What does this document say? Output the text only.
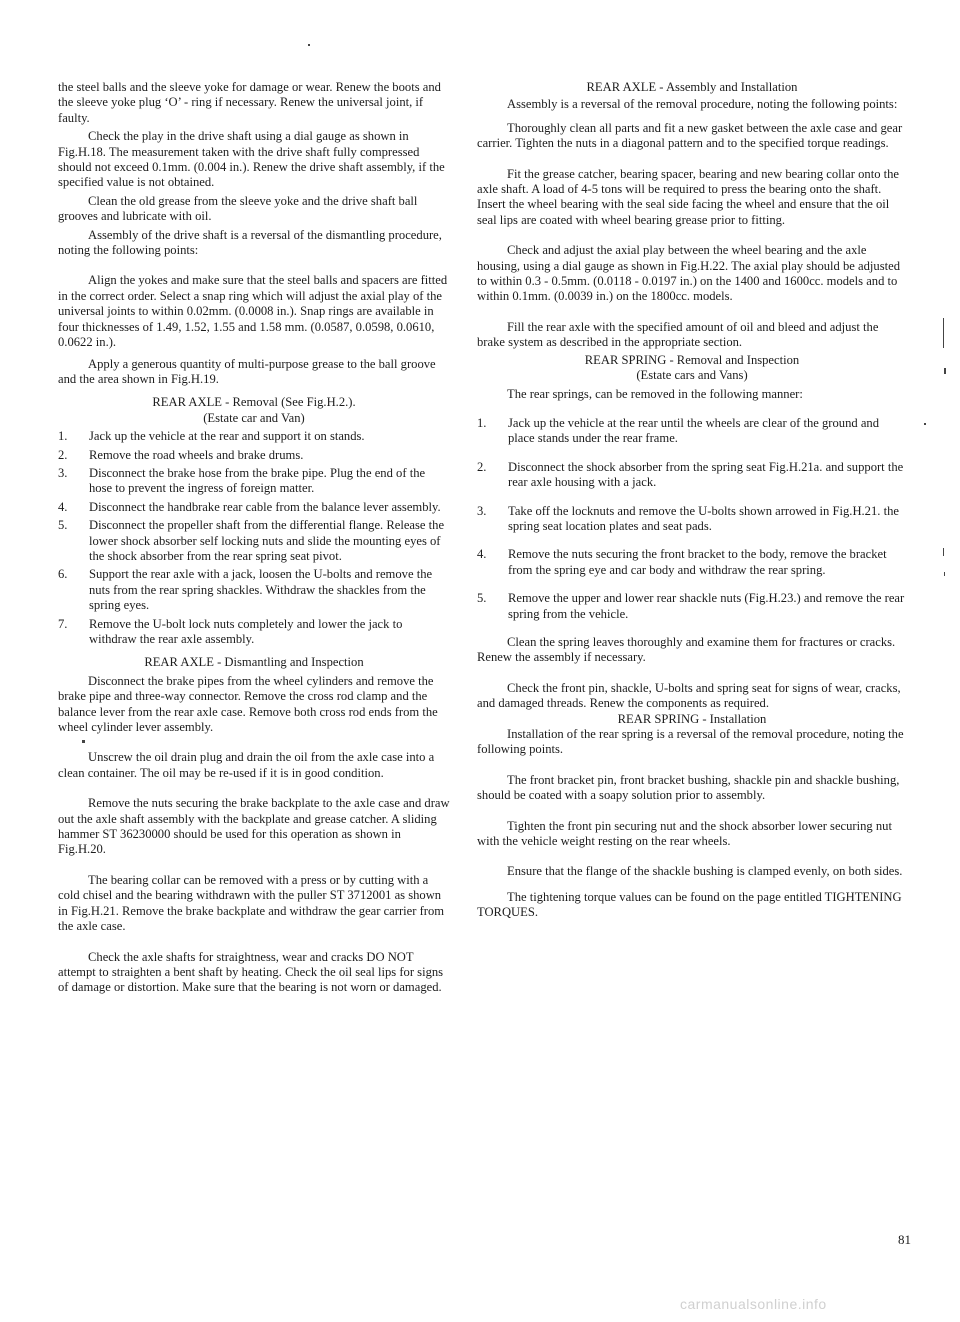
the steel balls and the sleeve yoke for damage or wear. Renew the boots and the sleeve yoke plug ‘O’ - ring if necessary. Renew the universal joint, if faulty.

Check the play in the drive shaft using a dial gauge as shown in Fig.H.18. The measurement taken with the drive shaft fully compressed should not exceed 0.1mm. (0.004 in.). Renew the drive shaft assembly, if the specified value is not obtained.

Clean the old grease from the sleeve yoke and the drive shaft ball grooves and lubricate with oil.

Assembly of the drive shaft is a reversal of the dismantling procedure, noting the following points:

Align the yokes and make sure that the steel balls and spacers are fitted in the correct order. Select a snap ring which will adjust the axial play of the universal joints to within 0.02mm. (0.0008 in.). Snap rings are available in four thicknesses of 1.49, 1.52, 1.55 and 1.58 mm. (0.0587, 0.0598, 0.0610, 0.0622 in.).

Apply a generous quantity of multi-purpose grease to the ball groove and the area shown in Fig.H.19.

REAR AXLE - Removal (See Fig.H.2.).

(Estate car and Van)

1. Jack up the vehicle at the rear and support it on stands.
2. Remove the road wheels and brake drums.
3. Disconnect the brake hose from the brake pipe. Plug the end of the hose to prevent the ingress of foreign matter.
4. Disconnect the handbrake rear cable from the balance lever assembly.
5. Disconnect the propeller shaft from the differential flange. Release the lower shock absorber self locking nuts and slide the mounting eyes of the shock absorber from the rear spring seat pivot.
6. Support the rear axle with a jack, loosen the U-bolts and remove the nuts from the rear spring shackles. Withdraw the shackles from the spring eyes.
7. Remove the U-bolt lock nuts completely and lower the jack to withdraw the rear axle assembly.

REAR AXLE - Dismantling and Inspection

Disconnect the brake pipes from the wheel cylinders and remove the brake pipe and three-way connector. Remove the cross rod clamp and the balance lever from the rear axle case. Remove both cross rod ends from the wheel cylinder lever assembly.

Unscrew the oil drain plug and drain the oil from the axle case into a clean container. The oil may be re-used if it is in good condition.

Remove the nuts securing the brake backplate to the axle case and draw out the axle shaft assembly with the backplate and grease catcher. A sliding hammer ST 36230000 should be used for this operation as shown in Fig.H.20.

The bearing collar can be removed with a press or by cutting with a cold chisel and the bearing withdrawn with the puller ST 3712001 as shown in Fig.H.21. Remove the brake backplate and withdraw the gear carrier from the axle case.

Check the axle shafts for straightness, wear and cracks DO NOT attempt to straighten a bent shaft by heating. Check the oil seal lips for signs of damage or distortion. Make sure that the bearing is not worn or damaged.

REAR AXLE - Assembly and Installation

Assembly is a reversal of the removal procedure, noting the following points:

Thoroughly clean all parts and fit a new gasket between the axle case and gear carrier. Tighten the nuts in a diagonal pattern and to the specified torque readings.

Fit the grease catcher, bearing spacer, bearing and new bearing collar onto the axle shaft. A load of 4-5 tons will be required to press the bearing onto the shaft. Insert the wheel bearing with the seal side facing the wheel and ensure that the oil seal lips are coated with wheel bearing grease prior to fitting.

Check and adjust the axial play between the wheel bearing and the axle housing, using a dial gauge as shown in Fig.H.22. The axial play should be adjusted to within 0.3 - 0.5mm. (0.0118 - 0.0197 in.) on the 1400 and 1600cc. models and to within 0.1mm. (0.0039 in.) on the 1800cc. models.

Fill the rear axle with the specified amount of oil and bleed and adjust the brake system as described in the appropriate section.

REAR SPRING - Removal and Inspection

(Estate cars and Vans)

The rear springs, can be removed in the following manner:

1. Jack up the vehicle at the rear until the wheels are clear of the ground and place stands under the rear frame.
2. Disconnect the shock absorber from the spring seat Fig.H.21a. and support the rear axle housing with a jack.
3. Take off the locknuts and remove the U-bolts shown arrowed in Fig.H.21. the spring seat location plates and seat pads.
4. Remove the nuts securing the front bracket to the body, remove the bracket from the spring eye and car body and withdraw the rear spring.
5. Remove the upper and lower rear shackle nuts (Fig.H.23.) and remove the rear spring from the vehicle.

Clean the spring leaves thoroughly and examine them for fractures or cracks. Renew the assembly if necessary.

Check the front pin, shackle, U-bolts and spring seat for signs of wear, cracks, and damaged threads. Renew the components as required.

REAR SPRING - Installation

Installation of the rear spring is a reversal of the removal procedure, noting the following points.

The front bracket pin, front bracket bushing, shackle pin and shackle bushing, should be coated with a soapy solution prior to assembly.

Tighten the front pin securing nut and the shock absorber lower securing nut with the vehicle weight resting on the rear wheels.

Ensure that the flange of the shackle bushing is clamped evenly, on both sides.

The tightening torque values can be found on the page entitled TIGHTENING TORQUES.

81
carmanualsonline.info
